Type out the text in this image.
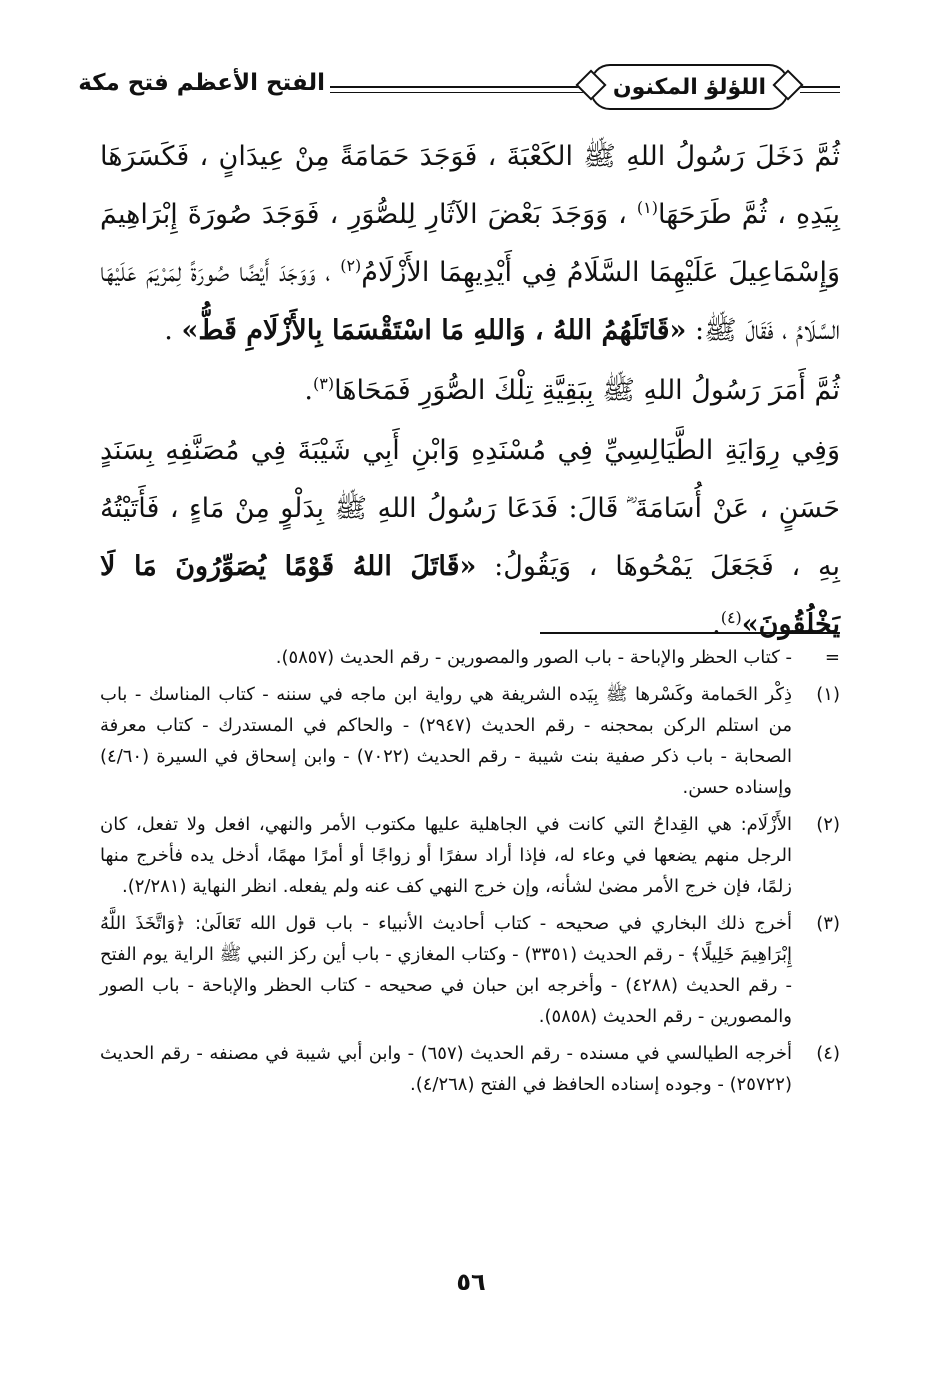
الفتح الأعظم فتح مكة	اللؤلؤ المكنون

ثُمَّ دَخَلَ رَسُولُ اللهِ ﷺ الكَعْبَةَ ، فَوَجَدَ حَمَامَةً مِنْ عِيدَانٍ ، فَكَسَرَهَا بِيَدِهِ ، ثُمَّ طَرَحَهَا$^{(١)}$ ، وَوَجَدَ بَعْضَ الآثَارِ لِلصُّوَرِ ، فَوَجَدَ صُورَةَ إِبْرَاهِيمَ وَإِسْمَاعِيلَ عَلَيْهِمَا السَّلَامُ فِي أَيْدِيهِمَا الأَزْلَامُ$^{(٢)}$ ، وَوَجَدَ أَيْضًا صُورَةً لِمَرْيَمَ عَلَيْهَا السَّلَامُ ، فَقَالَ ﷺ: «قَاتَلَهُمُ اللهُ ، وَاللهِ مَا اسْتَقْسَمَا بِالأَزْلَامِ قَطُّ» .

ثُمَّ أَمَرَ رَسُولُ اللهِ ﷺ بِبَقِيَّةِ تِلْكَ الصُّوَرِ فَمَحَاهَا$^{(٣)}$.

وَفِي رِوَايَةِ الطَّيَالِسِيِّ فِي مُسْنَدِهِ وَابْنِ أَبِي شَيْبَةَ فِي مُصَنَّفِهِ بِسَنَدٍ حَسَنٍ ، عَنْ أُسَامَةَ ؓ قَالَ: فَدَعَا رَسُولُ اللهِ ﷺ بِدَلْوٍ مِنْ مَاءٍ ، فَأَتَيْتُهُ بِهِ ، فَجَعَلَ يَمْحُوهَا ، وَيَقُولُ: «قَاتَلَ اللهُ قَوْمًا يُصَوِّرُونَ مَا لَا يَخْلُقُونَ»$^{(٤)}$.

=
- كتاب الحظر والإباحة - باب الصور والمصورين - رقم الحديث (٥٨٥٧).
(١)
ذِكْر الحَمامة وكَسْرها ﷺ بِيَده الشريفة هي رواية ابن ماجه في سننه - كتاب المناسك - باب من استلم الركن بمحجنه - رقم الحديث (٢٩٤٧) - والحاكم في المستدرك - كتاب معرفة الصحابة - باب ذكر صفية بنت شيبة - رقم الحديث (٧٠٢٢) - وابن إسحاق في السيرة (٤/٦٠) وإسناده حسن.
(٢)
الأَزْلَام: هي القِداحُ التي كانت في الجاهلية عليها مكتوب الأمر والنهي، افعل ولا تفعل، كان الرجل منهم يضعها في وعاء له، فإذا أراد سفرًا أو زواجًا أو أمرًا مهمًا، أدخل يده فأخرج منها زلمًا، فإن خرج الأمر مضىٰ لشأنه، وإن خرج النهي كف عنه ولم يفعله. انظر النهاية (٢/٢٨١).
(٣)
أخرج ذلك البخاري في صحيحه - كتاب أحاديث الأنبياء - باب قول الله تَعَالَىٰ: ﴿وَاتَّخَذَ اللَّهُ إِبْرَاهِيمَ خَلِيلًا﴾ - رقم الحديث (٣٣٥١) - وكتاب المغازي - باب أين ركز النبي ﷺ الراية يوم الفتح - رقم الحديث (٤٢٨٨) - وأخرجه ابن حبان في صحيحه - كتاب الحظر والإباحة - باب الصور والمصورين - رقم الحديث (٥٨٥٨).
(٤)
أخرجه الطيالسي في مسنده - رقم الحديث (٦٥٧) - وابن أبي شيبة في مصنفه - رقم الحديث (٢٥٧٢٢) - وجوده إسناده الحافظ في الفتح (٤/٢٦٨).
٥٦
